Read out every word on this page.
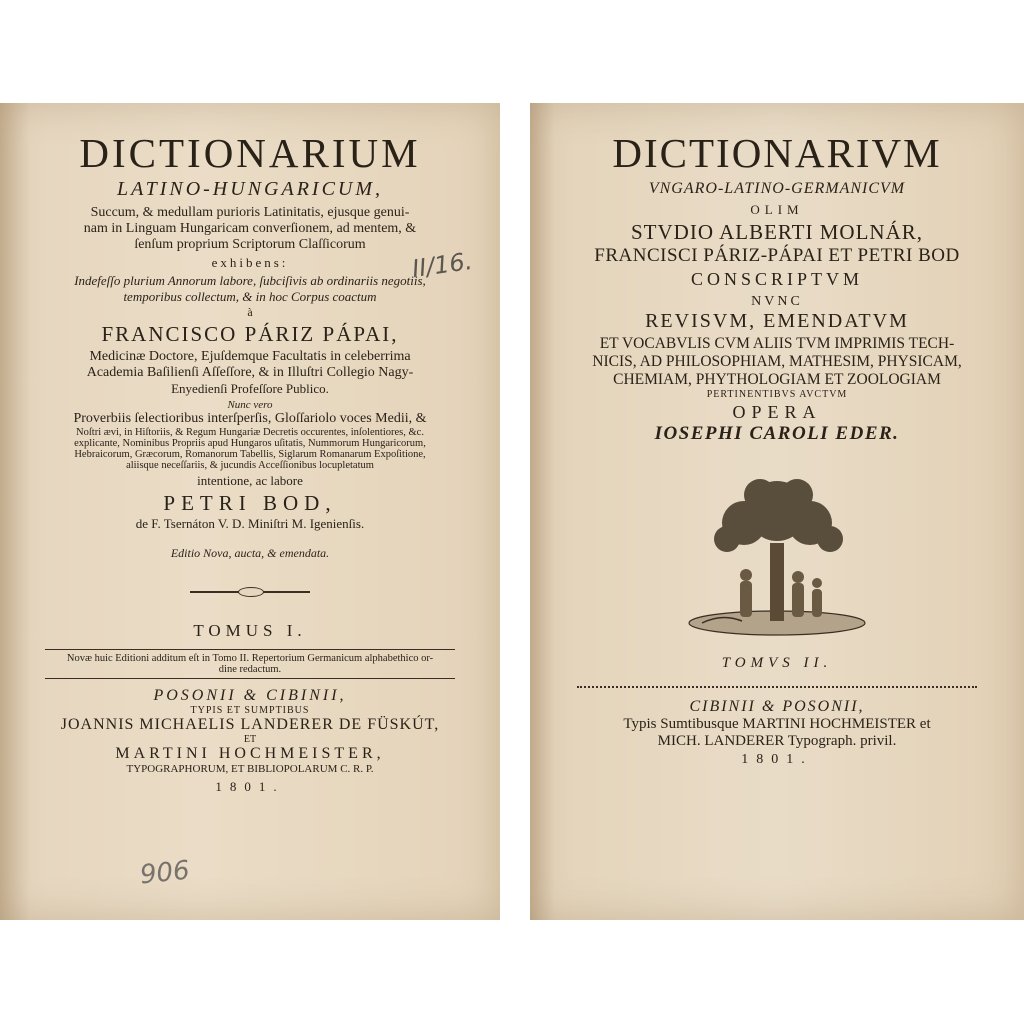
DICTIONARIUM
LATINO-HUNGARICUM,
Succum, & medullam purioris Latinitatis, ejusque genui-
nam in Linguam Hungaricam converſionem, ad mentem, &
ſenſum proprium Scriptorum Claſſicorum
exhibens:
Indefeſſo plurium Annorum labore, ſubciſivis ab ordinariis negotiis,
temporibus collectum, & in hoc Corpus coactum
à
FRANCISCO PÁRIZ PÁPAI,
Medicinæ Doctore, Ejuſdemque Facultatis in celeberrima
Academia Baſilienſi Aſſeſſore, & in Illuſtri Collegio Nagy-
Enyedienſi Profeſſore Publico.
Nunc vero
Proverbiis ſelectioribus interſperſis, Gloſſariolo voces Medii, &
Noſtri ævi, in Hiſtoriis, & Regum Hungariæ Decretis occurentes, inſolentiores, &c.
explicante, Nominibus Propriis apud Hungaros uſitatis, Nummorum Hungaricorum,
Hebraicorum, Græcorum, Romanorum Tabellis, Siglarum Romanarum Expoſitione,
aliisque neceſſariis, & jucundis Acceſſionibus locupletatum
intentione, ac labore
PETRI BOD,
de F. Tsernáton V. D. Miniſtri M. Igenienſis.
Editio Nova, aucta, & emendata.
TOMUS I.
Novæ huic Editioni additum eſt in Tomo II. Repertorium Germanicum alphabethico or-
dine redactum.
POSONII & CIBINII,
TYPIS ET SUMPTIBUS
JOANNIS MICHAELIS LANDERER DE FÜSKÚT,
ET
MARTINI HOCHMEISTER,
TYPOGRAPHORUM, ET BIBLIOPOLARUM C. R. P.
1801.
II/16.
906
DICTIONARIVM
VNGARO-LATINO-GERMANICVM
OLIM
STVDIO ALBERTI MOLNÁR,
FRANCISCI PÁRIZ-PÁPAI ET PETRI BOD
CONSCRIPTVM
NVNC
REVISVM, EMENDATVM
ET VOCABVLIS CVM ALIIS TVM IMPRIMIS TECH-
NICIS, AD PHILOSOPHIAM, MATHESIM, PHYSICAM,
CHEMIAM, PHYTHOLOGIAM ET ZOOLOGIAM
PERTINENTIBVS AVCTVM
OPERA
IOSEPHI CAROLI EDER.
TOMVS II.
CIBINII & POSONII,
Typis Sumtibusque MARTINI HOCHMEISTER et
MICH. LANDERER Typograph. privil.
1801.
